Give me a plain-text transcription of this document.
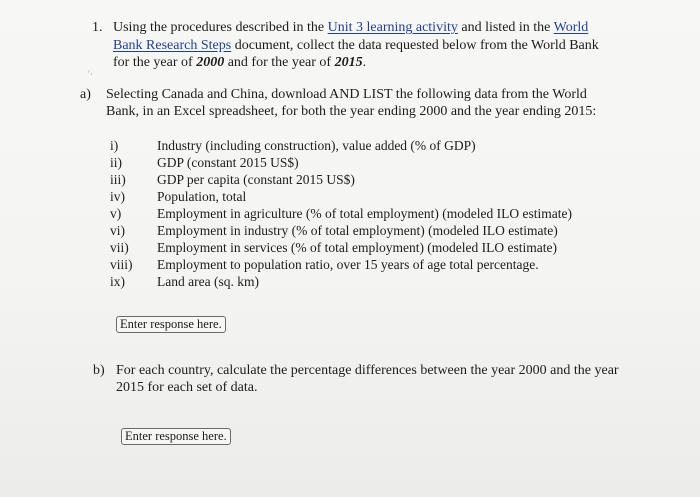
1. Using the procedures described in the Unit 3 learning activity and listed in the World
Bank Research Steps document, collect the data requested below from the World Bank
for the year of 2000 and for the year of 2015.
′·
a) Selecting Canada and China, download AND LIST the following data from the World
Bank, in an Excel spreadsheet, for both the year ending 2000 and the year ending 2015:
i)	Industry (including construction), value added (% of GDP)
ii)	GDP (constant 2015 US$)
iii) GDP per capita (constant 2015 US$)
iv) Population, total
v)	Employment in agriculture (% of total employment) (modeled ILO estimate)
vi) Employment in industry (% of total employment) (modeled ILO estimate)
vii) Employment in services (% of total employment) (modeled ILO estimate)
viii) Employment to population ratio, over 15 years of age total percentage.
ix) Land area (sq. km)
Enter response here.
b) For each country, calculate the percentage differences between the year 2000 and the year
2015 for each set of data.
Enter response here.
